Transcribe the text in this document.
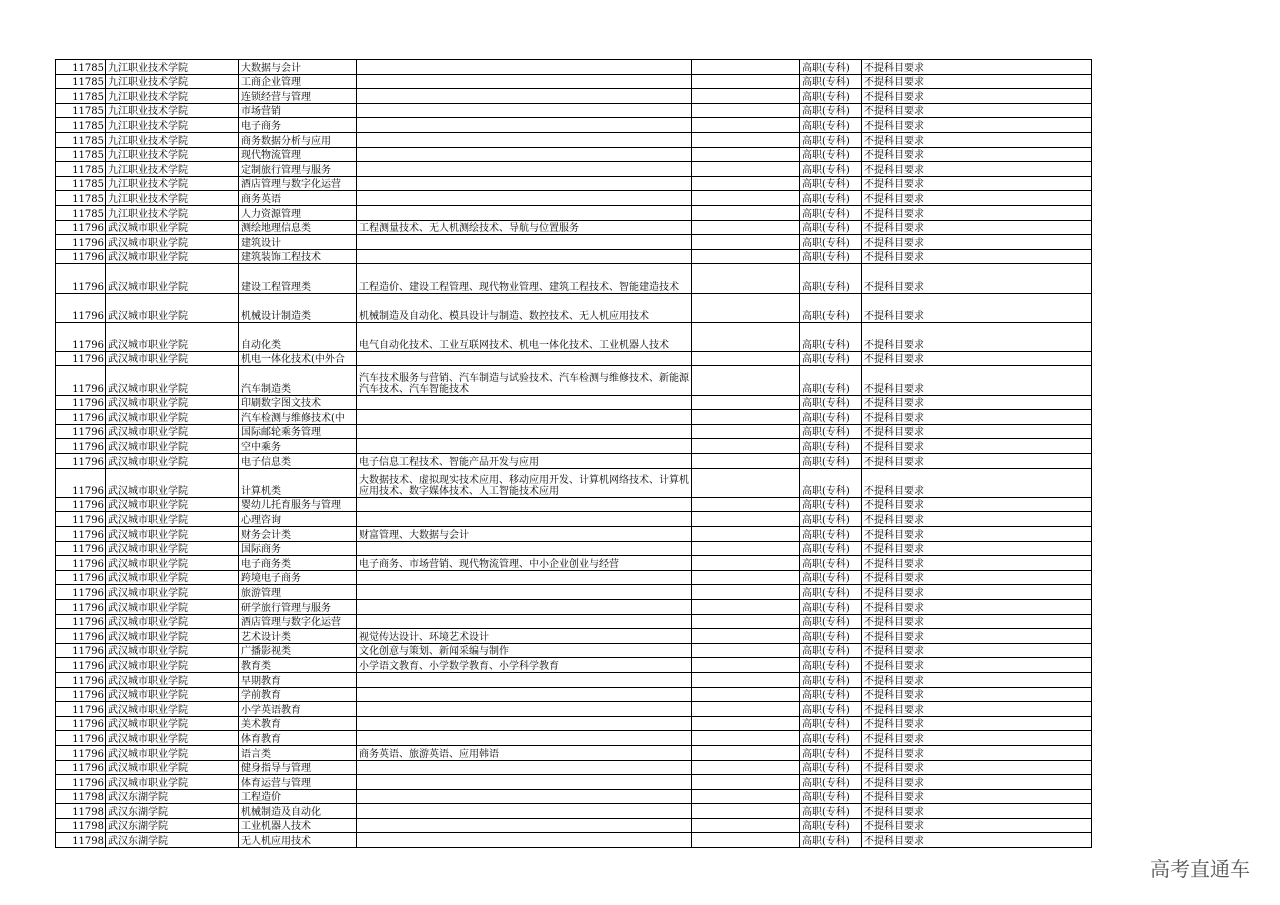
11785	九江职业技术学院	大数据与会计			高职(专科)	不提科目要求
11785	九江职业技术学院	工商企业管理			高职(专科)	不提科目要求
11785	九江职业技术学院	连锁经营与管理			高职(专科)	不提科目要求
11785	九江职业技术学院	市场营销			高职(专科)	不提科目要求
11785	九江职业技术学院	电子商务			高职(专科)	不提科目要求
11785	九江职业技术学院	商务数据分析与应用			高职(专科)	不提科目要求
11785	九江职业技术学院	现代物流管理			高职(专科)	不提科目要求
11785	九江职业技术学院	定制旅行管理与服务			高职(专科)	不提科目要求
11785	九江职业技术学院	酒店管理与数字化运营			高职(专科)	不提科目要求
11785	九江职业技术学院	商务英语			高职(专科)	不提科目要求
11785	九江职业技术学院	人力资源管理			高职(专科)	不提科目要求
11796	武汉城市职业学院	测绘地理信息类	工程测量技术、无人机测绘技术、导航与位置服务		高职(专科)	不提科目要求
11796	武汉城市职业学院	建筑设计			高职(专科)	不提科目要求
11796	武汉城市职业学院	建筑装饰工程技术			高职(专科)	不提科目要求
11796	武汉城市职业学院	建设工程管理类	工程造价、建设工程管理、现代物业管理、建筑工程技术、智能建造技术		高职(专科)	不提科目要求
11796	武汉城市职业学院	机械设计制造类	机械制造及自动化、模具设计与制造、数控技术、无人机应用技术		高职(专科)	不提科目要求
11796	武汉城市职业学院	自动化类	电气自动化技术、工业互联网技术、机电一体化技术、工业机器人技术		高职(专科)	不提科目要求
11796	武汉城市职业学院	机电一体化技术(中外合			高职(专科)	不提科目要求
11796	武汉城市职业学院	汽车制造类	汽车技术服务与营销、汽车制造与试验技术、汽车检测与维修技术、新能源汽车技术、汽车智能技术		高职(专科)	不提科目要求
11796	武汉城市职业学院	印刷数字图文技术			高职(专科)	不提科目要求
11796	武汉城市职业学院	汽车检测与维修技术(中			高职(专科)	不提科目要求
11796	武汉城市职业学院	国际邮轮乘务管理			高职(专科)	不提科目要求
11796	武汉城市职业学院	空中乘务			高职(专科)	不提科目要求
11796	武汉城市职业学院	电子信息类	电子信息工程技术、智能产品开发与应用		高职(专科)	不提科目要求
11796	武汉城市职业学院	计算机类	大数据技术、虚拟现实技术应用、移动应用开发、计算机网络技术、计算机应用技术、数字媒体技术、人工智能技术应用		高职(专科)	不提科目要求
11796	武汉城市职业学院	婴幼儿托育服务与管理			高职(专科)	不提科目要求
11796	武汉城市职业学院	心理咨询			高职(专科)	不提科目要求
11796	武汉城市职业学院	财务会计类	财富管理、大数据与会计		高职(专科)	不提科目要求
11796	武汉城市职业学院	国际商务			高职(专科)	不提科目要求
11796	武汉城市职业学院	电子商务类	电子商务、市场营销、现代物流管理、中小企业创业与经营		高职(专科)	不提科目要求
11796	武汉城市职业学院	跨境电子商务			高职(专科)	不提科目要求
11796	武汉城市职业学院	旅游管理			高职(专科)	不提科目要求
11796	武汉城市职业学院	研学旅行管理与服务			高职(专科)	不提科目要求
11796	武汉城市职业学院	酒店管理与数字化运营			高职(专科)	不提科目要求
11796	武汉城市职业学院	艺术设计类	视觉传达设计、环境艺术设计		高职(专科)	不提科目要求
11796	武汉城市职业学院	广播影视类	文化创意与策划、新闻采编与制作		高职(专科)	不提科目要求
11796	武汉城市职业学院	教育类	小学语文教育、小学数学教育、小学科学教育		高职(专科)	不提科目要求
11796	武汉城市职业学院	早期教育			高职(专科)	不提科目要求
11796	武汉城市职业学院	学前教育			高职(专科)	不提科目要求
11796	武汉城市职业学院	小学英语教育			高职(专科)	不提科目要求
11796	武汉城市职业学院	美术教育			高职(专科)	不提科目要求
11796	武汉城市职业学院	体育教育			高职(专科)	不提科目要求
11796	武汉城市职业学院	语言类	商务英语、旅游英语、应用韩语		高职(专科)	不提科目要求
11796	武汉城市职业学院	健身指导与管理			高职(专科)	不提科目要求
11796	武汉城市职业学院	体育运营与管理			高职(专科)	不提科目要求
11798	武汉东湖学院	工程造价			高职(专科)	不提科目要求
11798	武汉东湖学院	机械制造及自动化			高职(专科)	不提科目要求
11798	武汉东湖学院	工业机器人技术			高职(专科)	不提科目要求
11798	武汉东湖学院	无人机应用技术			高职(专科)	不提科目要求
高考直通车
